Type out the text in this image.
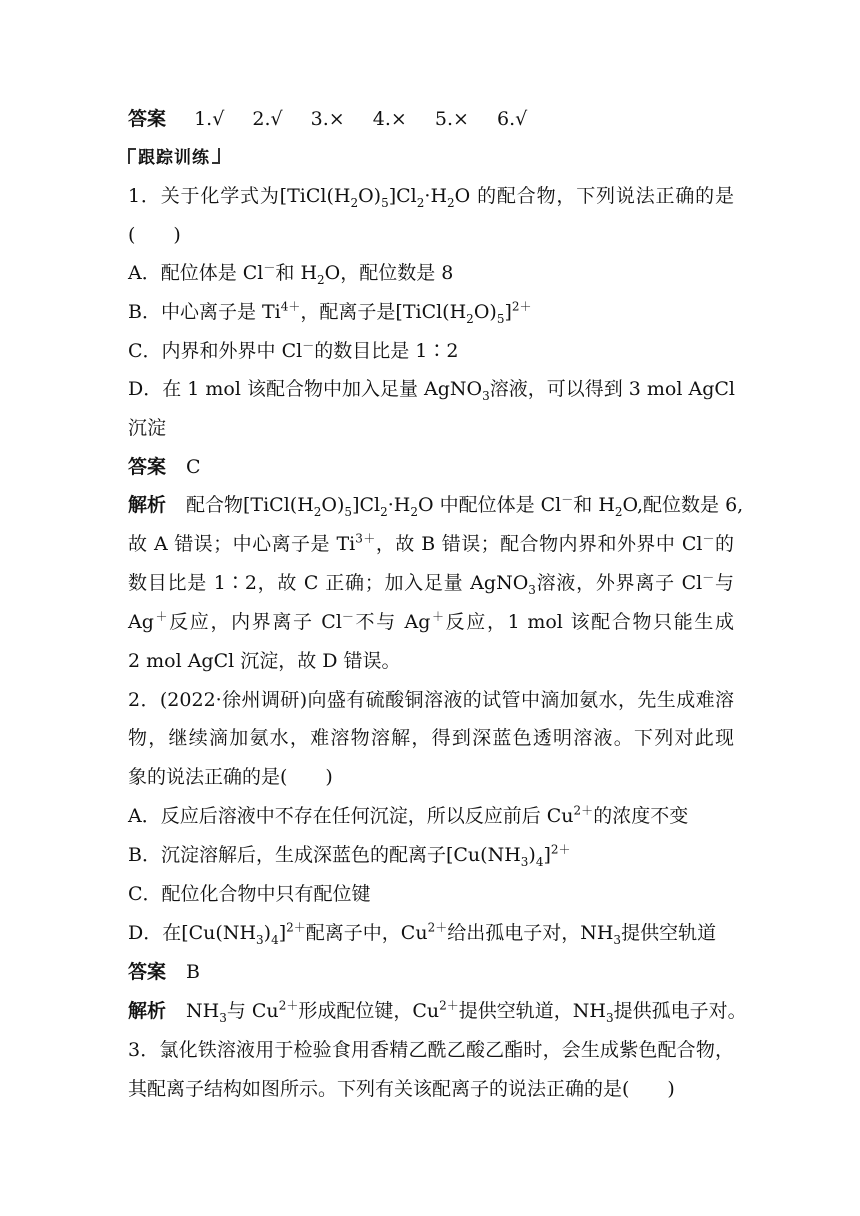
答案 1.√ 2.√ 3.× 4.× 5.× 6.√
跟踪训练
1．关于化学式为$[TiCl(H_2O)_5]Cl_2\cdot H_2O$ 的配合物，下列说法正确的是
(　　)
A．配位体是 Cl－和 $H_2O$，配位数是 8
B．中心离子是 $Ti^{4+}$，配离子是$[TiCl(H_2O)_5]^{2+}$
C．内界和外界中 Cl－的数目比是 1∶2
D．在 1 mol 该配合物中加入足量 AgNO$_3$溶液，可以得到 3 mol AgCl
沉淀
答案 C
解析 配合物$[TiCl(H_2O)_5]Cl_2\cdot H_2O$ 中配位体是 Cl－和 $H_2O$,配位数是 6,
故 A 错误；中心离子是 $Ti^{3+}$，故 B 错误；配合物内界和外界中 Cl－的
数目比是 1∶2，故 C 正确；加入足量 AgNO$_3$溶液，外界离子 Cl－与
Ag＋反应，内界离子 Cl－不与 Ag＋反应，1 mol 该配合物只能生成
2 mol AgCl 沉淀，故 D 错误。
2．(2022·徐州调研)向盛有硫酸铜溶液的试管中滴加氨水，先生成难溶
物，继续滴加氨水，难溶物溶解，得到深蓝色透明溶液。下列对此现
象的说法正确的是(　　)
A．反应后溶液中不存在任何沉淀，所以反应前后 $Cu^{2+}$的浓度不变
B．沉淀溶解后，生成深蓝色的配离子$[Cu(NH_3)_4]^{2+}$
C．配位化合物中只有配位键
D．在$[Cu(NH_3)_4]^{2+}$配离子中，$Cu^{2+}$给出孤电子对，$NH_3$提供空轨道
答案 B
解析 $NH_3$与 $Cu^{2+}$形成配位键，$Cu^{2+}$提供空轨道，$NH_3$提供孤电子对。
3．氯化铁溶液用于检验食用香精乙酰乙酸乙酯时，会生成紫色配合物，
其配离子结构如图所示。下列有关该配离子的说法正确的是(　　)
